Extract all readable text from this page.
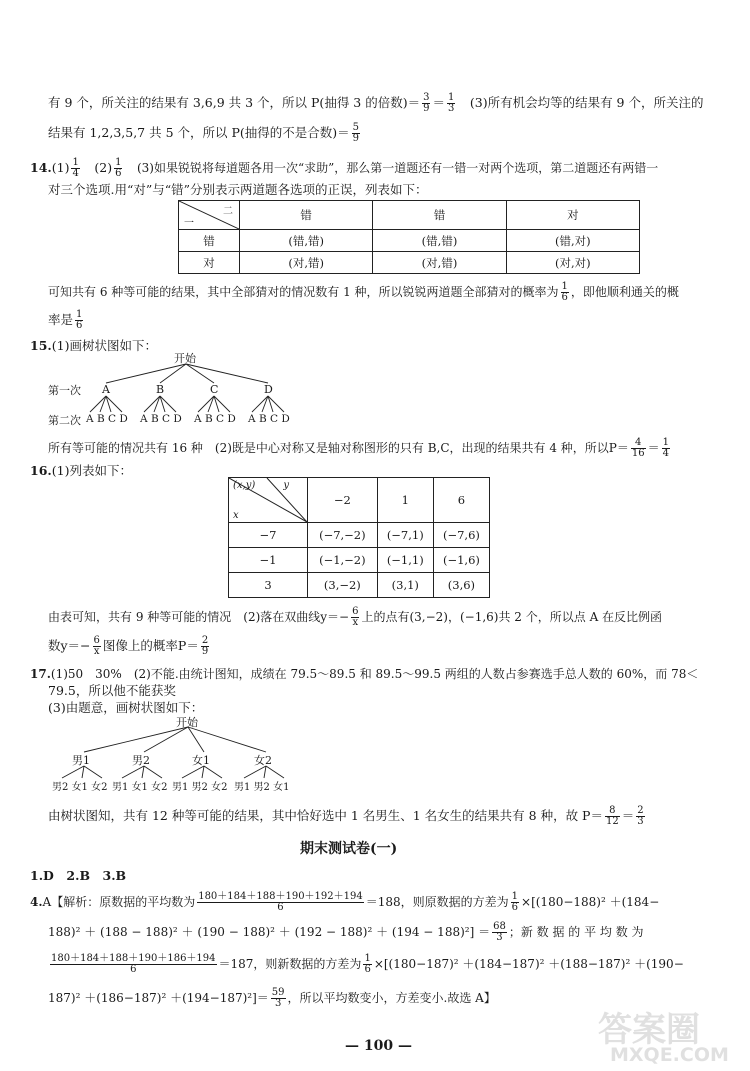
有 9 个，所关注的结果有 3,6,9 共 3 个，所以 P(抽得 3 的倍数)＝ $\frac{3}{9} = \frac{1}{3}$
　 (3)所有机会均等的结果有 9 个，所关注的
结果有 1,2,3,5,7 共 5 个，所以 P(抽得的不是合数)＝ $\frac{5}{9}$
$14.(1) \frac{1}{4}$
　 $(2) \frac{1}{6}$
　 (3)如果锐锐将每道题各用一次“求助”，那么第一道题还有一错一对两个选项，第二道题还有两错一
对三个选项.用“对”与“错”分别表示两道题各选项的正误，列表如下：
二
一	错	错	对
错	(错,错)	(错,错)	(错,对)
对	(对,错)	(对,错)	(对,对)
可知共有 6 种等可能的结果，其中全部猜对的情况数有 1 种，所以锐锐两道题全部猜对的概率为 $\frac{1}{6}$ ，即他顺利通关的概
率是 $\frac{1}{6}$
15.(1)画树状图如下：
开始
第一次
第二次
A	B	C	D
A B C D A B C D A B C D A B C D
所有等可能的情况共有 16 种　(2)既是中心对称又是轴对称图形的只有 B,C，出现的结果共有 4 种，所以$P= \frac{4}{16} = \frac{1}{4}$
16.(1)列表如下：
(x,y) y
x	−2	1	6
−7	(−7,−2)	(−7,1)	(−7,6)
−1	(−1,−2)	(−1,1)	(−1,6)
3	(3,−2)	(3,1)	(3,6)
由表可知，共有 9 种等可能的情况　(2)落在双曲线$y=- \frac{6}{x}$ 上的点有(3,−2)，(−1,6)共 2 个，所以点 A 在反比例函
数$y=- \frac{6}{x}$ 图像上的概率$P= \frac{2}{9}$
17.(1)50　30%　(2)不能.由统计图知，成绩在 79.5～89.5 和 89.5～99.5 两组的人数占参赛选手总人数的 60%，而 78＜
79.5，所以他不能获奖
(3)由题意，画树状图如下：
开始
男1	男2	女1	女2
男2 女1 女2 男1 女1 女2 男1 男2 女2 男1 男2 女1
由树状图知，共有 12 种等可能的结果，其中恰好选中 1 名男生、1 名女生的结果共有 8 种，故 $P= \frac{8}{12} = \frac{2}{3}$
期末测试卷(一)
1.D　2.B　3.B
4.A【解析：原数据的平均数为 $\frac{180+184+188+190+192+194}{6} =188$，则原数据的方差为 $\frac{1}{6} \times[(180-188)^2 +(184-$
$188)^2 + (188 - 188)^2 + (190 - 188)^2 + (192 - 188)^2 + (194 - 188)^2] = \frac{68}{3}$ ；新 数 据 的 平 均 数 为
$\frac{180+184+188+190+186+194}{6} =187$，则新数据的方差为 $\frac{1}{6} \times[(180-187)^2 +(184-187)^2 +(188-187)^2 +(190-$
$187)^2 +(186-187)^2 +(194-187)^2]= \frac{59}{3}$ ，所以平均数变小，方差变小.故选 A】
— 100 —	答案圈
MXQE.COM
